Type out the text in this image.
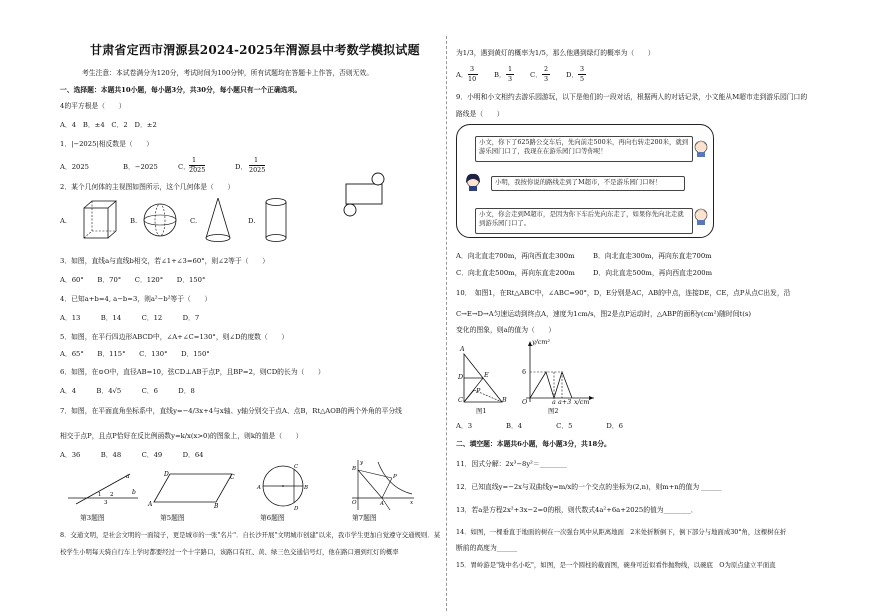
甘肃省定西市渭源县2024-2025年渭源县中考数学模拟试题
考生注意：本试卷满分为120分，考试时间为100分钟，所有试题均在答题卡上作答，否则无效。
一、选择题：本题共10小题，每小题3分，共30分，每小题只有一个正确选项。
4的平方根是（　　）
A．4　B．±4　C．2　D．±2
1．|−2025|相反数是（　　）
A．2025	B．−2025	C．−
1
2025	D．
1
2025
2．某个几何体的主视图如图所示，这个几何体是（　　）
A.	B.	C.	D.
3．如图，直线a与直线b相交，若∠1+∠3=60°，则∠2等于（　　）
A．60°　　B．70°　　C．120°　　D．150°
4．已知a+b=4, a−b=3，则a²−b²等于（　　）
A．13　　　B．14　　　C．12　　　D．7
5．如图，在平行四边形ABCD中，∠A+∠C=130°，则∠D的度数（　　）
A．65°　　B．115°　　C．130°　　D．150°
6．如图，在⊙O中，直径AB=10，弦CD⊥AB于点P，且BP=2，则CD的长为（　　）
A．4　　　B．4√5　　　C．6　　　D．8
7．如图，在平面直角坐标系中，直线y=−4/3x+4与x轴、y轴分别交于点A、点B，Rt△AOB的两个外角的平分线
相交于点P，且点P恰好在反比例函数y=k/x(x>0)的图象上，则k的值是（　　）
A．36　　　B．48　　　C．49　　　D．64
b
a
1 2
3	A
D	C
B
A	B
C
D
O
B
A
P
x
y
第3题图	第5题图	第6题图	第7题图
8．交通文明，是社会文明的一面镜子，更是城市的一张"名片"．自长沙开展"文明城市创建"以来，我市学生更加自觉遵守交通规则．某
校学生小明每天骑自行车上学时都要经过一个十字路口，该路口有红、黄、绿三色交通信号灯，他在路口遇到红灯的概率
为1/3，遇到黄灯的概率为1/5，那么他遇到绿灯的概率为（　　）
A．
3
10	B．
1
3	C．
2
3	D．
3
5
9．小明和小文相约去游乐园游玩，以下是他们的一段对话，根据两人的对话记录，小文能从M超市走到游乐园门口的
路线是（　　）
小文，你下了625路公交车后，先向前走500米，再向右转走200米，就到游乐园门口了，我现在在游乐园门口等你呢！
小明，我按你说的路线走到了M超市，不是游乐园门口呀！
小文，你会走到M超市，是因为你下车后先向东走了，如果你先向北走就到游乐园门口了。
A．向北直走700m，再向西直走300m	B．向北直走300m，再向东直走700m
C．向北直走500m，再向东直走200m	D．向北直走500m，再向西直走200m
10．　如图1，在Rt△ABC中，∠ABC=90°，D，E分别是AC，AB的中点，连接DE，CE，点P从点C出发，沿
C→E→D→A匀速运动到终点A，速度为1cm/s，图2是点P运动时，△ABP的面积y(cm²)随时间t(s)
变化的图象，则a的值为（　　）
A
D	E
P
C	B
图1
y/cm²
6
O	a a+3 x/cm
图2
A．3　　　　　B．4　　　　　C．5　　　　　D．6
二、填空题：本题共6小题，每小题3分，共18分。
11．因式分解：2x³−8y²＝________
12．已知直线y=−2x与双曲线y=m/x的一个交点的坐标为(2,n)，则m+n的值为 ______
13．若a是方程2x²+3x−2=0的根，则代数式4a²+6a+2025的值为________．
14．如图，一棵垂直于地面的树在一次强台风中从距离地面　2米处折断倒下，倒下部分与地面成30°角，这棵树在折
断前的高度为______
15．胃岭游是"陇中名小吃"，如图，是一个圆柱的截面图，碗身可近似看作抛物线，以碗底　O为原点建立平面直
